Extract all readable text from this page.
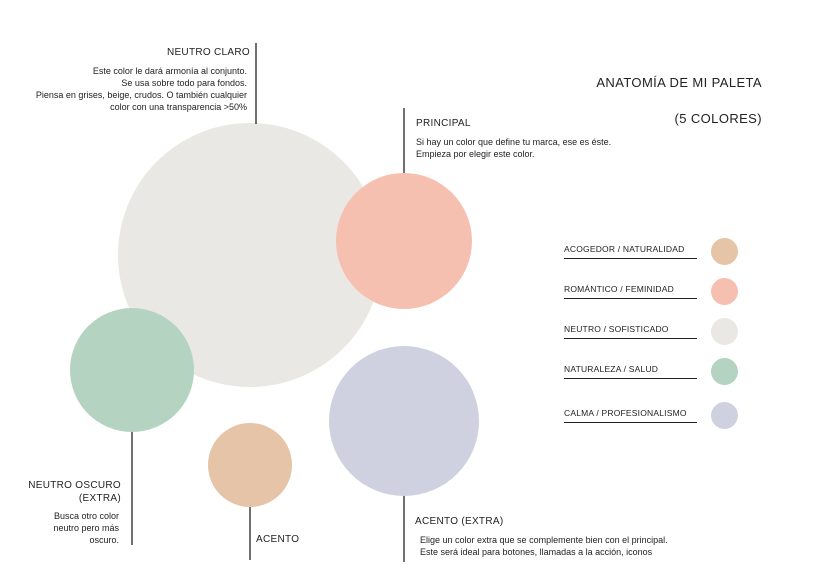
ANATOMÍA DE MI PALETA

(5 COLORES)

NEUTRO CLARO
Este color le dará armonía al conjunto.
Se usa sobre todo para fondos.
Piensa en grises, beige, crudos. O también cualquier
color con una transparencia >50%
PRINCIPAL
Si hay un color que define tu marca, ese es éste.
Empieza por elegir este color.
NEUTRO OSCURO
(EXTRA)
Busca otro color
neutro pero más
oscuro.	ACENTO
ACENTO (EXTRA)
Elige un color extra que se complemente bien con el principal.
Este será ideal para botones, llamadas a la acción, iconos
ACOGEDOR / NATURALIDAD
ROMÁNTICO / FEMINIDAD
NEUTRO / SOFISTICADO
NATURALEZA / SALUD
CALMA / PROFESIONALISMO
